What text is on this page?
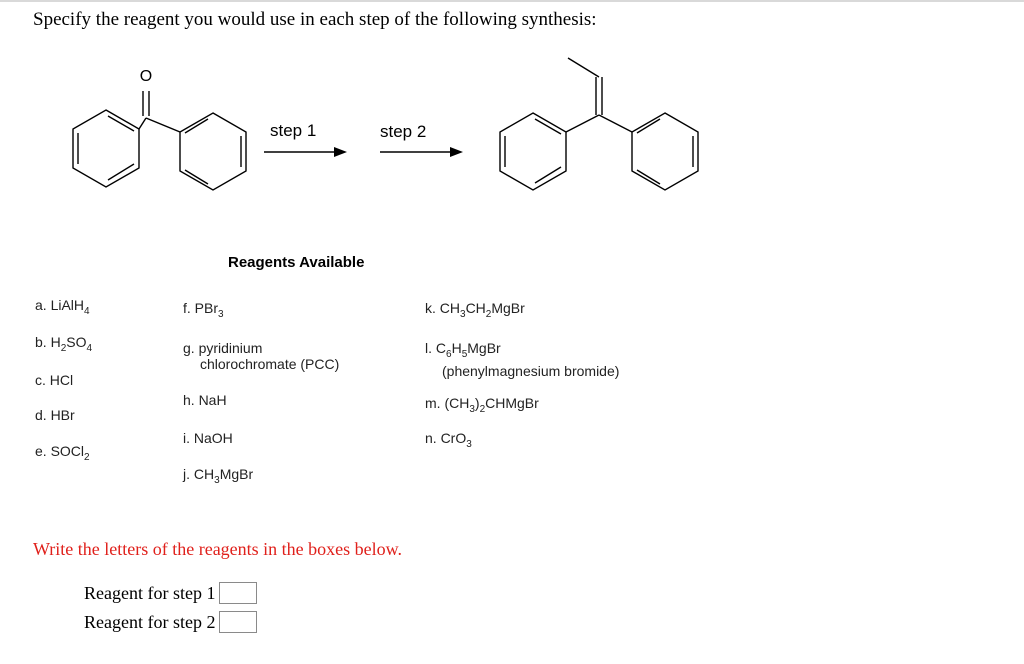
Specify the reagent you would use in each step of the following synthesis:
O
step 1	step 2
Reagents Available
a. LiAlH$_4$
b. $H_2SO_4$
c. HCl
d. HBr
e. SOCl$_2$
f. PBr$_3$
g. pyridinium
chlorochromate (PCC)
h. NaH
i. NaOH
j. $CH_3MgBr$
k. $CH_3CH_2MgBr$
l. $C_6H_5MgBr$
(phenylmagnesium bromide)
m. $(CH_3)_2CHMgBr$
n. CrO$_3$
Write the letters of the reagents in the boxes below.
Reagent for step 1
Reagent for step 2
